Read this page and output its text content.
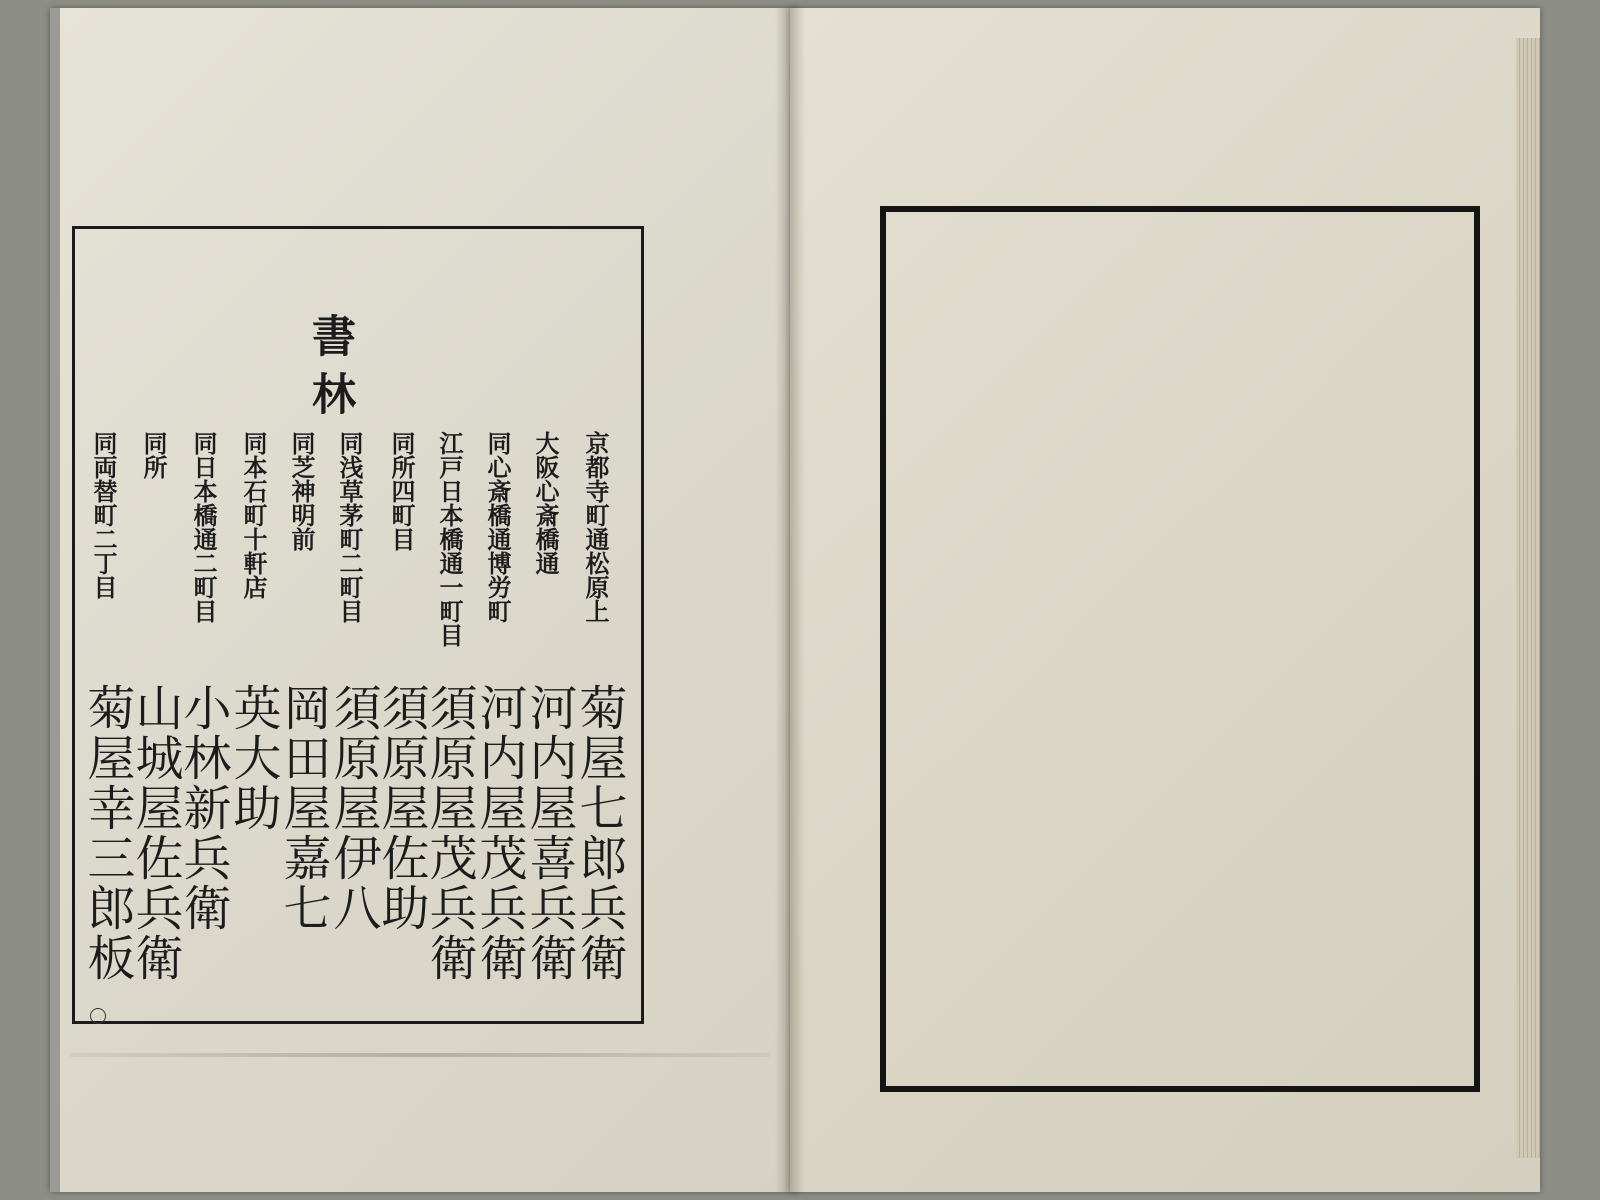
書林
京都寺町通松原上
大阪心斎橋通
同心斎橋通博労町
江戸日本橋通一町目
同所四町目
同浅草茅町二町目
同芝神明前
同本石町十軒店
同日本橋通二町目
同所
同両替町二丁目
菊屋七郎兵衛
河内屋喜兵衛
河内屋茂兵衛
須原屋茂兵衛
須原屋佐助
須原屋伊八
岡田屋嘉七
英大助
小林新兵衛
山城屋佐兵衛
菊屋幸三郎板
